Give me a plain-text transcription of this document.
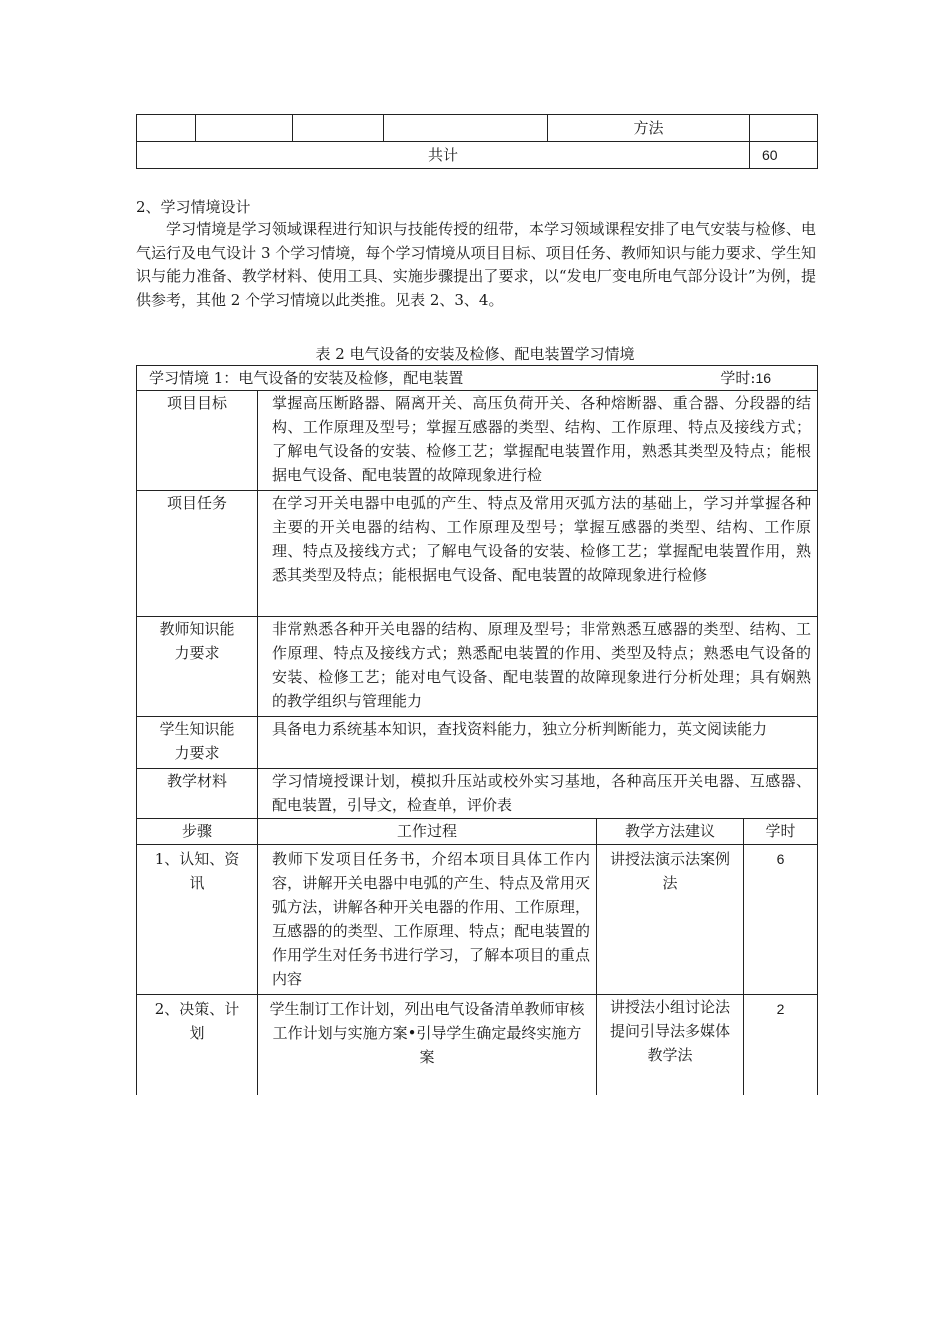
				方法	
共计					60
2、学习情境设计
学习情境是学习领域课程进行知识与技能传授的纽带，本学习领域课程安排了电气安装与检修、电气运行及电气设计 3 个学习情境，每个学习情境从项目目标、项目任务、教师知识与能力要求、学生知识与能力准备、教学材料、使用工具、实施步骤提出了要求，以“发电厂变电所电气部分设计”为例，提供参考，其他 2 个学习情境以此类推。见表 2、3、4。
表 2 电气设备的安装及检修、配电装置学习情境
学习情境 1：电气设备的安装及检修，配电装置 学时:16			

项目目标	掌握高压断路器、隔离开关、高压负荷开关、各种熔断器、重合器、分段器的结构、工作原理及型号；掌握互感器的类型、结构、工作原理、特点及接线方式；了解电气设备的安装、检修工艺；掌握配电装置作用，熟悉其类型及特点；能根据电气设备、配电装置的故障现象进行检		
项目任务	在学习开关电器中电弧的产生、特点及常用灭弧方法的基础上，学习并掌握各种主要的开关电器的结构、工作原理及型号；掌握互感器的类型、结构、工作原理、特点及接线方式；了解电气设备的安装、检修工艺；掌握配电装置作用，熟悉其类型及特点；能根据电气设备、配电装置的故障现象进行检修		
教师知识能力要求	非常熟悉各种开关电器的结构、原理及型号；非常熟悉互感器的类型、结构、工作原理、特点及接线方式；熟悉配电装置的作用、类型及特点；熟悉电气设备的安装、检修工艺；能对电气设备、配电装置的故障现象进行分析处理；具有娴熟的教学组织与管理能力		
学生知识能力要求	具备电力系统基本知识，查找资料能力，独立分析判断能力，英文阅读能力		
教学材料	学习情境授课计划，模拟升压站或校外实习基地，各种高压开关电器、互感器、配电装置，引导文，检查单，评价表		
步骤	工作过程	教学方法建议	学时
1、认知、资讯	教师下发项目任务书，介绍本项目具体工作内容，讲解开关电器中电弧的产生、特点及常用灭弧方法，讲解各种开关电器的作用、工作原理，互感器的的类型、工作原理、特点；配电装置的作用学生对任务书进行学习，了解本项目的重点内容	讲授法演示法案例法	6
2、决策、计划	学生制订工作计划，列出电气设备清单教师审核工作计划与实施方案•引导学生确定最终实施方案	讲授法小组讨论法提问引导法多媒体教学法	2
